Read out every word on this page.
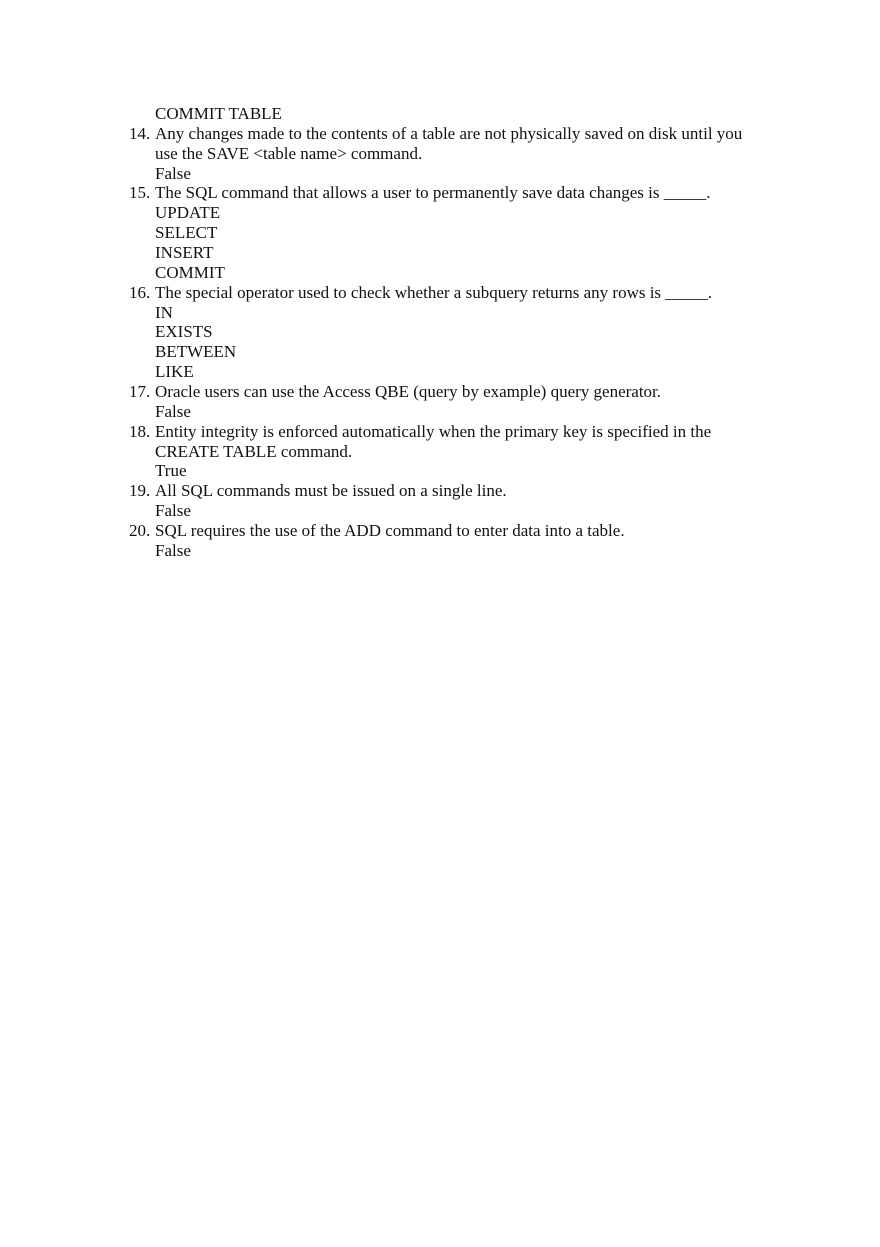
COMMIT TABLE
Any changes made to the contents of a table are not physically saved on disk until you
14.
use the SAVE <table name> command.
False
The SQL command that allows a user to permanently save data changes is _____.
15.
UPDATE
SELECT
INSERT
COMMIT
The special operator used to check whether a subquery returns any rows is _____.
16.
IN
EXISTS
BETWEEN
LIKE
Oracle users can use the Access QBE (query by example) query generator.
17.
False
Entity integrity is enforced automatically when the primary key is specified in the
18.
CREATE TABLE command.
True
All SQL commands must be issued on a single line.
19.
False
SQL requires the use of the ADD command to enter data into a table.
20.
False
